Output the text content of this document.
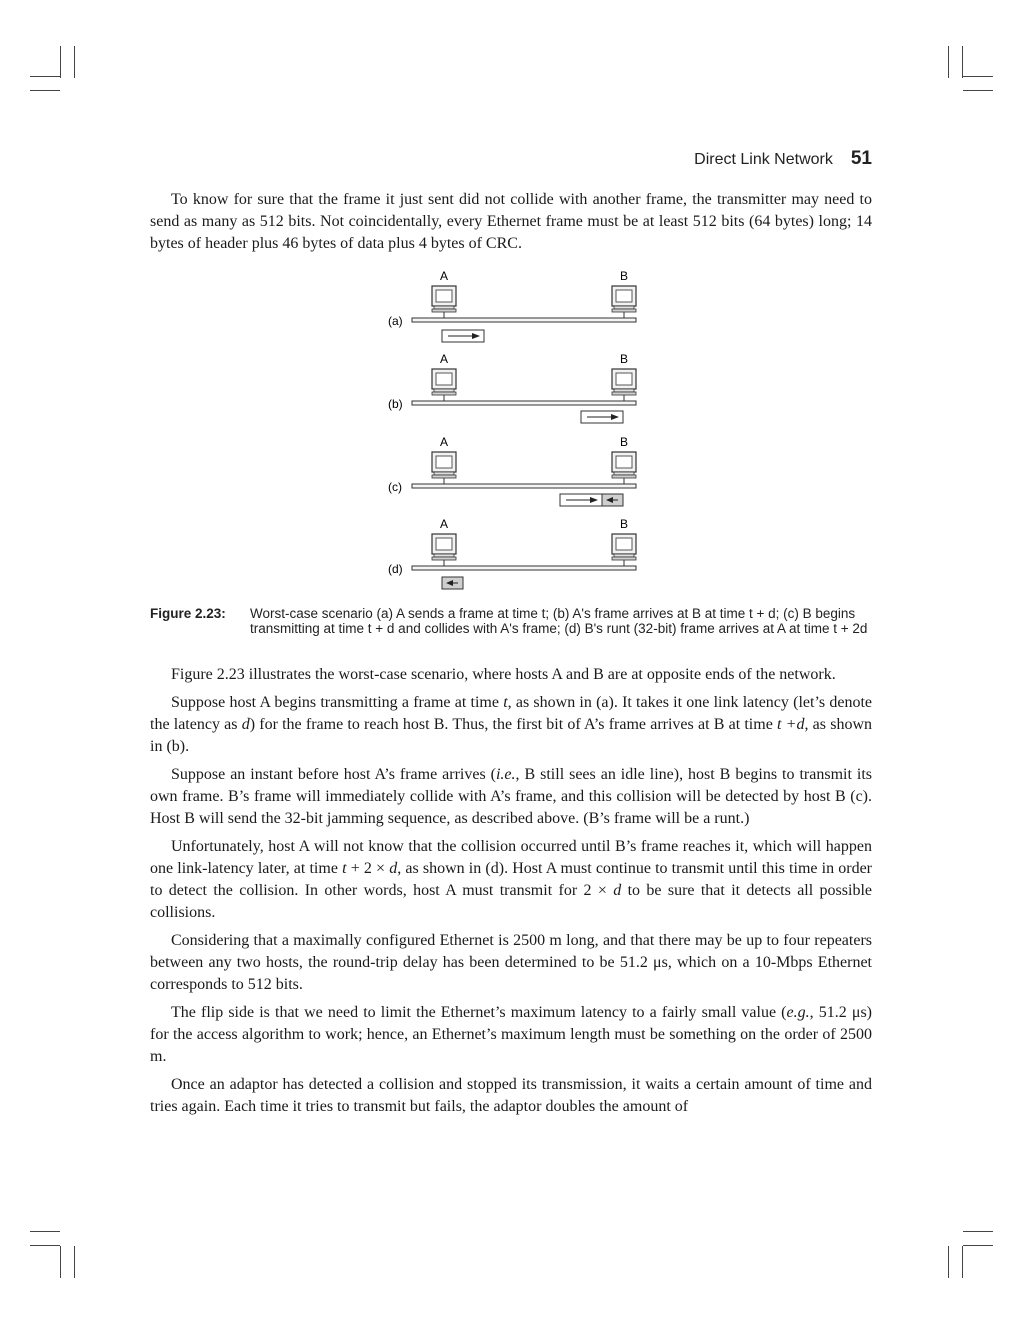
Direct Link Network 51

To know for sure that the frame it just sent did not collide with another frame, the transmitter may need to send as many as 512 bits. Not coincidentally, every Ethernet frame must be at least 512 bits (64 bytes) long; 14 bytes of header plus 46 bytes of data plus 4 bytes of CRC.

A	B
(a)
A	B
(b)
A	B
(c)
A	B
(d)
Figure 2.23: Worst-case scenario (a) A sends a frame at time t; (b) A's frame arrives at B at time t + d; (c) B begins transmitting at time t + d and collides with A's frame; (d) B's runt (32-bit) frame arrives at A at time t + 2d

Figure 2.23 illustrates the worst-case scenario, where hosts A and B are at opposite ends of the network.

Suppose host A begins transmitting a frame at time t, as shown in (a). It takes it one link latency (let’s denote the latency as d) for the frame to reach host B. Thus, the first bit of A’s frame arrives at B at time t +d, as shown in (b).

Suppose an instant before host A’s frame arrives (i.e., B still sees an idle line), host B begins to transmit its own frame. B’s frame will immediately collide with A’s frame, and this collision will be detected by host B (c). Host B will send the 32-bit jamming sequence, as described above. (B’s frame will be a runt.)

Unfortunately, host A will not know that the collision occurred until B’s frame reaches it, which will happen one link-latency later, at time t + 2 × d, as shown in (d). Host A must continue to transmit until this time in order to detect the collision. In other words, host A must transmit for 2 × d to be sure that it detects all possible collisions.

Considering that a maximally configured Ethernet is 2500 m long, and that there may be up to four repeaters between any two hosts, the round-trip delay has been determined to be 51.2 μs, which on a 10-Mbps Ethernet corresponds to 512 bits.

The flip side is that we need to limit the Ethernet’s maximum latency to a fairly small value (e.g., 51.2 μs) for the access algorithm to work; hence, an Ethernet’s maximum length must be something on the order of 2500 m.

Once an adaptor has detected a collision and stopped its transmission, it waits a certain amount of time and tries again. Each time it tries to transmit but fails, the adaptor doubles the amount of
